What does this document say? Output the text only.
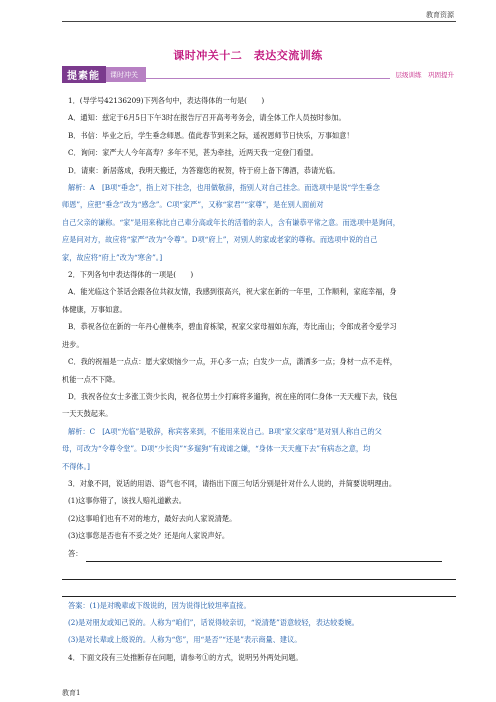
教育资源
课时冲关十二　表达交流训练
提素能	课时冲关	层级训练　巩固提升

1．(导学号42136209)下列各句中，表达得体的一句是(　　)

A．通知：兹定于6月5日下午3时在报告厅召开高考考务会，请全体工作人员按时参加。

B．书信：毕业之后，学生垂念师恩。值此春节到来之际，遥祝恩师节日快乐，万事如意！

C．询问：家严大人今年高寿？多年不见，甚为牵挂，近两天我一定登门看望。

D．请柬：新居落成，我明天搬迁，为答谢您的祝贺，特于府上备下薄酒，恭请光临。

解析：A　[B项“垂念”，指上对下挂念，也用做敬辞，指别人对自己挂念。而选项中是说“学生垂念

师恩”，应把“垂念”改为“感念”。C项“家严”，又称“家君”“家尊”，是在别人面前对

自己父亲的谦称。“家”是用来称比自己辈分高或年长的活着的亲人，含有谦恭平常之意。而选项中是询问，

应是问对方，故应将“家严”改为“令尊”。D项“府上”，对别人的家或老家的尊称。而选项中说的自己

家，故应将“府上”改为“寒舍”。]

2．下列各句中表达得体的一项是(　　)

A．能光临这个茶话会跟各位共叙友情，我感到很高兴，祝大家在新的一年里，工作顺利，家庭幸福，身

体健康，万事如意。

B．恭祝各位在新的一年丹心催桃李，碧血育栋梁，祝家父家母福如东海，寿比南山；令郎成者令爱学习

进步。

C．我的祝福是一点点：愿大家烦恼少一点，开心多一点；白发少一点，潇洒多一点；身材一点不走样，

机能一点不下降。

D．我祝各位女士多涨工资少长肉，祝各位男士少打麻将多遛狗，祝在座的同仁身体一天天瘦下去，钱包

一天天鼓起来。

解析：C　[A项“光临”是敬辞，称宾客来到，不能用来说自己。B项“家父家母”是对别人称自己的父

母，可改为“令尊令堂”。D项“少长肉”“多遛狗”有戏谑之嫌，“身体一天天瘦下去”有病态之意，均

不得体。]

3．对象不同，说话的用语、语气也不同，请指出下面三句话分别是针对什么人说的，并简要说明理由。

(1)这事你错了，该找人赔礼道歉去。

(2)这事咱们也有不对的地方，最好去向人家说清楚。

(3)这事您是否也有不妥之处？还是向人家说声好。

答：

答案：(1)是对晚辈或下级说的，因为说得比较坦率直接。

(2)是对朋友或知己说的。人称为“咱们”，话说得较亲切，“说清楚”语意较轻，表达较委婉。

(3)是对长辈或上级说的。人称为“您”，用“是否”“还是”表示商量、建议。

4．下面文段有三处推断存在问题，请参考①的方式，说明另外两处问题。

教育1
